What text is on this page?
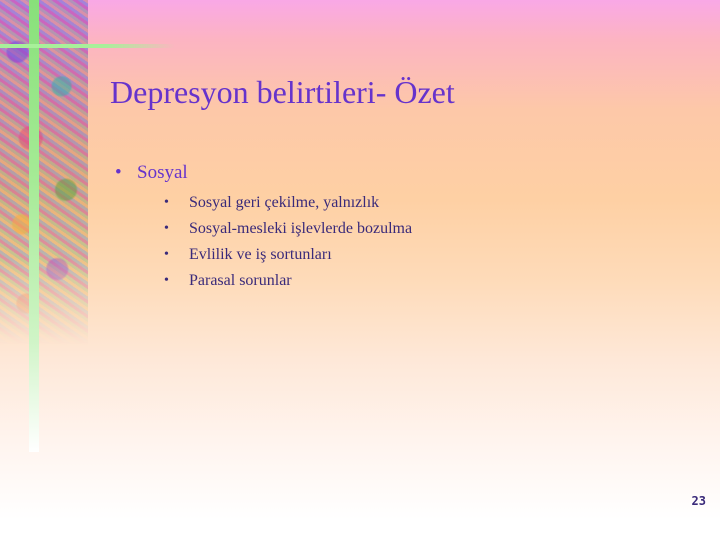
Depresyon belirtileri- Özet
• Sosyal
• Sosyal geri çekilme, yalnızlık
• Sosyal-mesleki işlevlerde bozulma
• Evlilik ve iş sortunları
• Parasal sorunlar
23
